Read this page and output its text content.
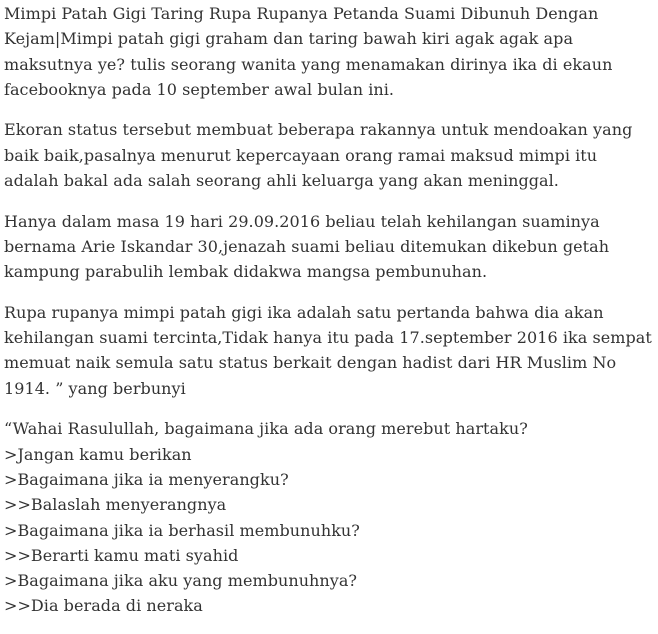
Mimpi Patah Gigi Taring Rupa Rupanya Petanda Suami Dibunuh Dengan Kejam|Mimpi patah gigi graham dan taring bawah kiri agak agak apa maksutnya ye? tulis seorang wanita yang menamakan dirinya ika di ekaun facebooknya pada 10 september awal bulan ini.

Ekoran status tersebut membuat beberapa rakannya untuk mendoakan yang baik baik,pasalnya menurut kepercayaan orang ramai maksud mimpi itu adalah bakal ada salah seorang ahli keluarga yang akan meninggal.

Hanya dalam masa 19 hari 29.09.2016 beliau telah kehilangan suaminya bernama Arie Iskandar 30,jenazah suami beliau ditemukan dikebun getah kampung parabulih lembak didakwa mangsa pembunuhan.

Rupa rupanya mimpi patah gigi ika adalah satu pertanda bahwa dia akan kehilangan suami tercinta,Tidak hanya itu pada 17.september 2016 ika sempat memuat naik semula satu status berkait dengan hadist dari HR Muslim No 1914. ” yang berbunyi

“Wahai Rasulullah, bagaimana jika ada orang merebut hartaku?
>Jangan kamu berikan
>Bagaimana jika ia menyerangku?
>>Balaslah menyerangnya
>Bagaimana jika ia berhasil membunuhku?
>>Berarti kamu mati syahid
>Bagaimana jika aku yang membunuhnya?
>>Dia berada di neraka
